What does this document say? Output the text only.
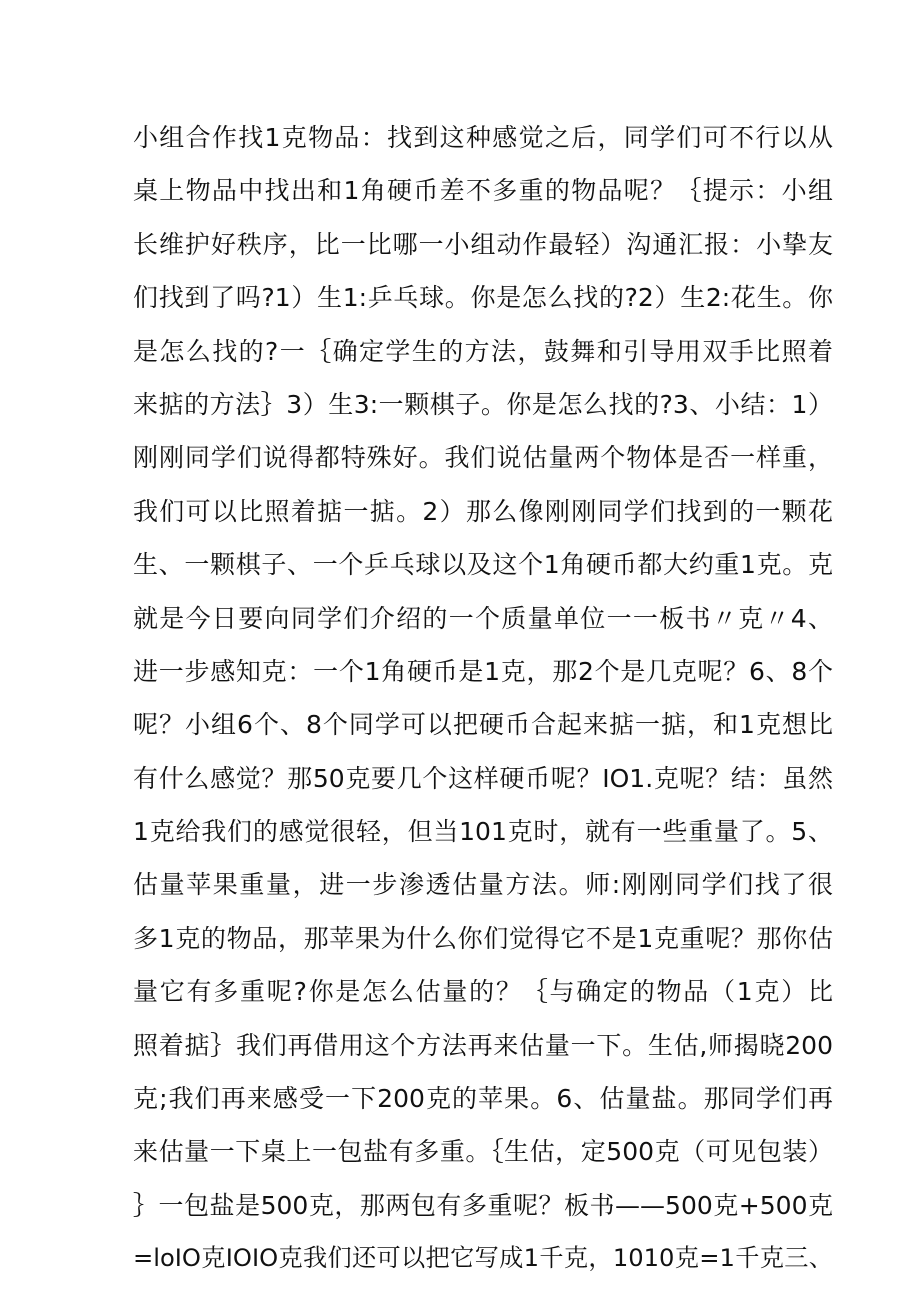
小组合作找1克物品：找到这种感觉之后，同学们可不行以从
桌上物品中找出和1角硬币差不多重的物品呢？｛提示：小组
长维护好秩序，比一比哪一小组动作最轻）沟通汇报：小挚友
们找到了吗?1）生1:乒乓球。你是怎么找的?2）生2:花生。你
是怎么找的?一｛确定学生的方法，鼓舞和引导用双手比照着
来掂的方法｝3）生3:一颗棋子。你是怎么找的?3、小结：1）
刚刚同学们说得都特殊好。我们说估量两个物体是否一样重，
我们可以比照着掂一掂。2）那么像刚刚同学们找到的一颗花
生、一颗棋子、一个乒乓球以及这个1角硬币都大约重1克。克
就是今日要向同学们介绍的一个质量单位一一板书〃克〃4、
进一步感知克：一个1角硬币是1克，那2个是几克呢？6、8个
呢？小组6个、8个同学可以把硬币合起来掂一掂，和1克想比
有什么感觉？那50克要几个这样硬币呢？IO1.克呢？结：虽然
1克给我们的感觉很轻，但当101克时，就有一些重量了。5、
估量苹果重量，进一步渗透估量方法。师:刚刚同学们找了很
多1克的物品，那苹果为什么你们觉得它不是1克重呢？那你估
量它有多重呢?你是怎么估量的？｛与确定的物品（1克）比
照着掂｝我们再借用这个方法再来估量一下。生估,师揭晓200
克;我们再来感受一下200克的苹果。6、估量盐。那同学们再
来估量一下桌上一包盐有多重。｛生估，定500克（可见包装）
｝一包盐是500克，那两包有多重呢？板书——500克+500克
=loIO克IOIO克我们还可以把它写成1千克，1010克=1千克三、
